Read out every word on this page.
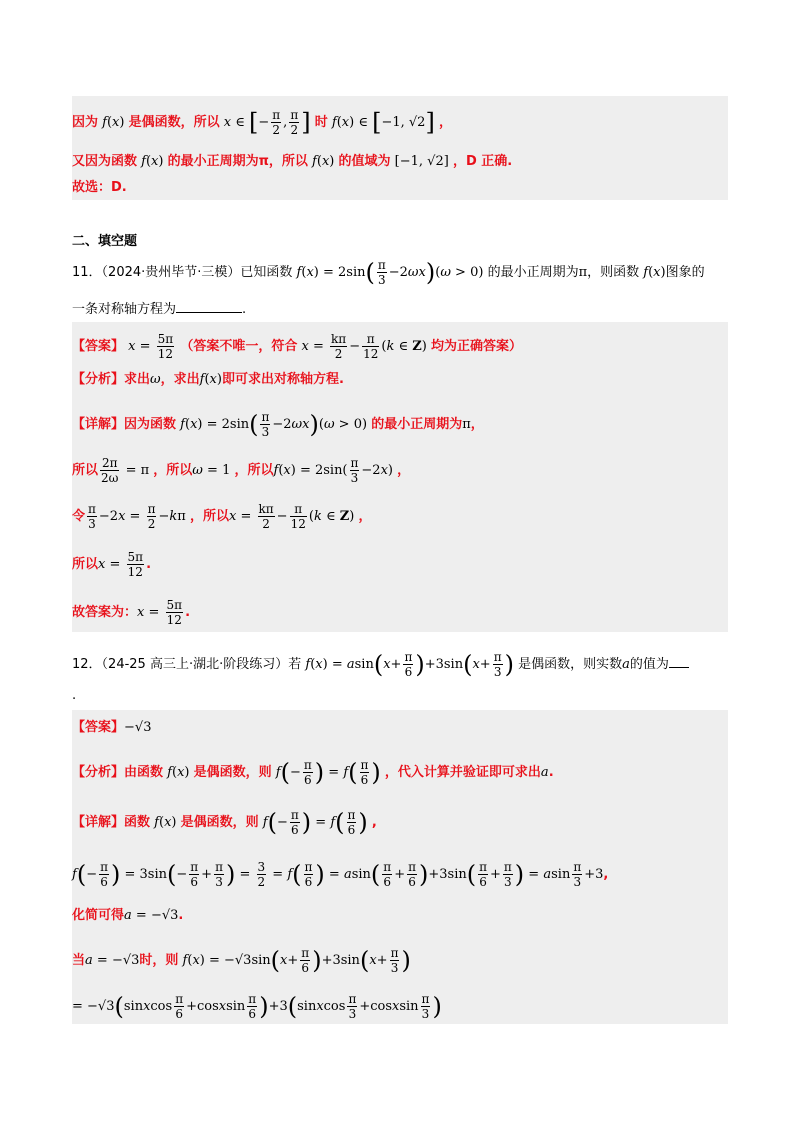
因为 f(x) 是偶函数，所以 x ∈ [− $\frac{\pi}{2}$ , $\frac{\pi}{2}$ ] 时 f(x) ∈ [−1, √2] ，
又因为函数 f(x) 的最小正周期为π，所以 f(x) 的值域为 [−1, √2] ，D 正确.
故选：D.
二、填空题
11．（2024·贵州毕节·三模）已知函数 $f(x) = 2\sin( \frac{\pi}{3} -2\omega x)(\omega > 0)$ 的最小正周期为π，则函数 f(x)图象的
一条对称轴方程为	.
【答案】 $x = \frac{5\pi}{12}$ （答案不唯一，符合 $x = \frac{k\pi}{2} - \frac{\pi}{12} (k$ ∈ Z) 均为正确答案）
【分析】求出ω，求出f(x)即可求出对称轴方程.
【详解】因为函数 $f(x) = 2\sin( \frac{\pi}{3} -2\omega x)(\omega > 0)$ 的最小正周期为π，
所以 $\frac{2\pi}{2\omega} = \pi$ ，所以ω = 1 ，所以$f(x) = 2\sin( \frac{\pi}{3} -2x)$ ，
令 $\frac{\pi}{3} -2x = \frac{\pi}{2} -k\pi$ ，所以$x = \frac{k\pi}{2} - \frac{\pi}{12} (k$ ∈ Z) ，
所以$x = \frac{5\pi}{12}$ .
故答案为：$x = \frac{5\pi}{12}$ .
12．（24-25 高三上·湖北·阶段练习）若 $f(x) = asin(x+ \frac{\pi}{6} )+3\sin(x+ \frac{\pi}{3}$ ) 是偶函数，则实数a的值为
.
【答案】−√3
【分析】由函数 f(x) 是偶函数，则 $f(- \frac{\pi}{6}$ ) = $f( \frac{\pi}{6}$ ) ，代入计算并验证即可求出a.
【详解】函数 f(x) 是偶函数，则 $f(- \frac{\pi}{6}$ ) = $f( \frac{\pi}{6}$ ) ,
$f(- \frac{\pi}{6}$ ) = $3\sin(- \frac{\pi}{6} + \frac{\pi}{3}$ ) = $\frac{3}{2} = f( \frac{\pi}{6}$ ) = $asin( \frac{\pi}{6} + \frac{\pi}{6} )+3\sin( \frac{\pi}{6} + \frac{\pi}{3}$ ) = asin $\frac{\pi}{3} +3$,
化简可得a = −√3.
当a = −√3时，则 $f(x) = -√3\sin(x+ \frac{\pi}{6} )+3\sin(x+ \frac{\pi}{3}$ )
= −√3(sinxcos $\frac{\pi}{6}$ +cosxsin $\frac{\pi}{6}$ )+3(sinxcos $\frac{\pi}{3}$ +cosxsin $\frac{\pi}{3}$ )
